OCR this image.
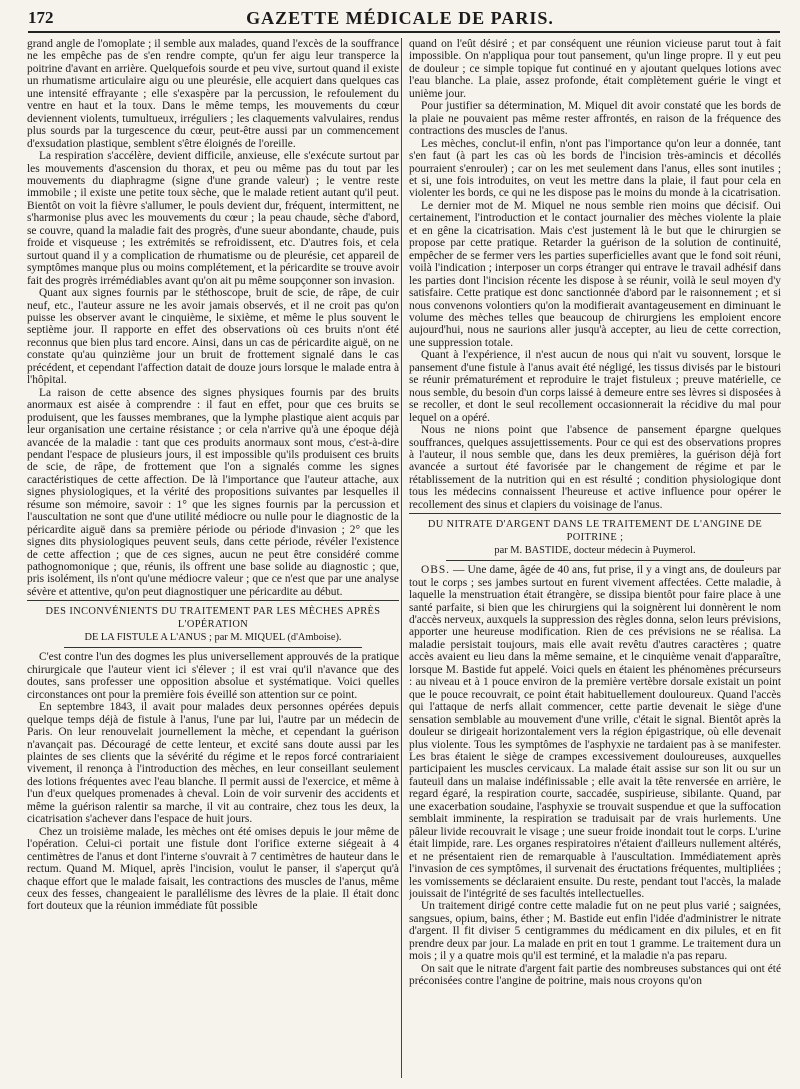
172	GAZETTE MÉDICALE DE PARIS.

grand angle de l'omoplate ; il semble aux malades, quand l'excès de la souffrance ne les empêche pas de s'en rendre compte, qu'un fer aigu leur transperce la poitrine d'avant en arrière. Quelquefois sourde et peu vive, surtout quand il existe un rhumatisme articulaire aigu ou une pleurésie, elle acquiert dans quelques cas une intensité effrayante ; elle s'exaspère par la percussion, le refoulement du ventre en haut et la toux. Dans le même temps, les mouvements du cœur deviennent violents, tumultueux, irréguliers ; les claquements valvulaires, rendus plus sourds par la turgescence du cœur, peut-être aussi par un commencement d'exsudation plastique, semblent s'être éloignés de l'oreille.

La respiration s'accélère, devient difficile, anxieuse, elle s'exécute surtout par les mouvements d'ascension du thorax, et peu ou même pas du tout par les mouvements du diaphragme (signe d'une grande valeur) ; le ventre reste immobile ; il existe une petite toux sèche, que le malade retient autant qu'il peut. Bientôt on voit la fièvre s'allumer, le pouls devient dur, fréquent, intermittent, ne s'harmonise plus avec les mouvements du cœur ; la peau chaude, sèche d'abord, se couvre, quand la maladie fait des progrès, d'une sueur abondante, chaude, puis froide et visqueuse ; les extrémités se refroidissent, etc. D'autres fois, et cela surtout quand il y a complication de rhumatisme ou de pleurésie, cet appareil de symptômes manque plus ou moins complétement, et la péricardite se trouve avoir fait des progrès irrémédiables avant qu'on ait pu même soupçonner son invasion.

Quant aux signes fournis par le stéthoscope, bruit de scie, de râpe, de cuir neuf, etc., l'auteur assure ne les avoir jamais observés, et il ne croit pas qu'on puisse les observer avant le cinquième, le sixième, et même le plus souvent le septième jour. Il rapporte en effet des observations où ces bruits n'ont été reconnus que bien plus tard encore. Ainsi, dans un cas de péricardite aiguë, on ne constate qu'au quinzième jour un bruit de frottement signalé dans le cas précédent, et cependant l'affection datait de douze jours lorsque le malade entra à l'hôpital.

La raison de cette absence des signes physiques fournis par des bruits anormaux est aisée à comprendre : il faut en effet, pour que ces bruits se produisent, que les fausses membranes, que la lymphe plastique aient acquis par leur organisation une certaine résistance ; or cela n'arrive qu'à une époque déjà avancée de la maladie : tant que ces produits anormaux sont mous, c'est-à-dire pendant l'espace de plusieurs jours, il est impossible qu'ils produisent ces bruits de scie, de râpe, de frottement que l'on a signalés comme les signes caractéristiques de cette affection. De là l'importance que l'auteur attache, aux signes physiologiques, et la vérité des propositions suivantes par lesquelles il résume son mémoire, savoir : 1° que les signes fournis par la percussion et l'auscultation ne sont que d'une utilité médiocre ou nulle pour le diagnostic de la péricardite aiguë dans sa première période ou période d'invasion ; 2° que les signes dits physiologiques peuvent seuls, dans cette période, révéler l'existence de cette affection ; que de ces signes, aucun ne peut être considéré comme pathognomonique ; que, réunis, ils offrent une base solide au diagnostic ; que, pris isolément, ils n'ont qu'une médiocre valeur ; que ce n'est que par une analyse sévère et attentive, qu'on peut diagnostiquer une péricardite au début.

DES INCONVÉNIENTS DU TRAITEMENT PAR LES MÈCHES APRÈS L'OPÉRATION
DE LA FISTULE A L'ANUS ; par M. MIQUEL (d'Amboise).

C'est contre l'un des dogmes les plus universellement approuvés de la pratique chirurgicale que l'auteur vient ici s'élever ; il est vrai qu'il n'avance que des doutes, sans professer une opposition absolue et systématique. Voici quelles circonstances ont pour la première fois éveillé son attention sur ce point.

En septembre 1843, il avait pour malades deux personnes opérées depuis quelque temps déjà de fistule à l'anus, l'une par lui, l'autre par un médecin de Paris. On leur renouvelait journellement la mèche, et cependant la guérison n'avançait pas. Découragé de cette lenteur, et excité sans doute aussi par les plaintes de ses clients que la sévérité du régime et le repos forcé contrariaient vivement, il renonça à l'introduction des mèches, en leur conseillant seulement des lotions fréquentes avec l'eau blanche. Il permit aussi de l'exercice, et même à l'un d'eux quelques promenades à cheval. Loin de voir survenir des accidents et même la guérison ralentir sa marche, il vit au contraire, chez tous les deux, la cicatrisation s'achever dans l'espace de huit jours.

Chez un troisième malade, les mèches ont été omises depuis le jour même de l'opération. Celui-ci portait une fistule dont l'orifice externe siégeait à 4 centimètres de l'anus et dont l'interne s'ouvrait à 7 centimètres de hauteur dans le rectum. Quand M. Miquel, après l'incision, voulut le panser, il s'aperçut qu'à chaque effort que le malade faisait, les contractions des muscles de l'anus, même ceux des fesses, changeaient le parallélisme des lèvres de la plaie. Il était donc fort douteux que la réunion immédiate fût possible

quand on l'eût désiré ; et par conséquent une réunion vicieuse parut tout à fait impossible. On n'appliqua pour tout pansement, qu'un linge propre. Il y eut peu de douleur ; ce simple topique fut continué en y ajoutant quelques lotions avec l'eau blanche. La plaie, assez profonde, était complètement guérie le vingt et unième jour.

Pour justifier sa détermination, M. Miquel dit avoir constaté que les bords de la plaie ne pouvaient pas même rester affrontés, en raison de la fréquence des contractions des muscles de l'anus.

Les mèches, conclut-il enfin, n'ont pas l'importance qu'on leur a donnée, tant s'en faut (à part les cas où les bords de l'incision très-amincis et décollés pourraient s'enrouler) ; car on les met seulement dans l'anus, elles sont inutiles ; et si, une fois introduites, on veut les mettre dans la plaie, il faut pour cela en violenter les bords, ce qui ne les dispose pas le moins du monde à la cicatrisation.

Le dernier mot de M. Miquel ne nous semble rien moins que décisif. Oui certainement, l'introduction et le contact journalier des mèches violente la plaie et en gêne la cicatrisation. Mais c'est justement là le but que le chirurgien se propose par cette pratique. Retarder la guérison de la solution de continuité, empêcher de se fermer vers les parties superficielles avant que le fond soit réuni, voilà l'indication ; interposer un corps étranger qui entrave le travail adhésif dans les parties dont l'incision récente les dispose à se réunir, voilà le seul moyen d'y satisfaire. Cette pratique est donc sanctionnée d'abord par le raisonnement ; et si nous convenons volontiers qu'on la modifierait avantageusement en diminuant le volume des mèches telles que beaucoup de chirurgiens les emploient encore aujourd'hui, nous ne saurions aller jusqu'à accepter, au lieu de cette correction, une suppression totale.

Quant à l'expérience, il n'est aucun de nous qui n'ait vu souvent, lorsque le pansement d'une fistule à l'anus avait été négligé, les tissus divisés par le bistouri se réunir prématurément et reproduire le trajet fistuleux ; preuve matérielle, ce nous semble, du besoin d'un corps laissé à demeure entre ses lèvres si disposées à se recoller, et dont le seul recollement occasionnerait la récidive du mal pour lequel on a opéré.

Nous ne nions point que l'absence de pansement épargne quelques souffrances, quelques assujettissements. Pour ce qui est des observations propres à l'auteur, il nous semble que, dans les deux premières, la guérison déjà fort avancée a surtout été favorisée par le changement de régime et par le rétablissement de la nutrition qui en est résulté ; condition physiologique dont tous les médecins connaissent l'heureuse et active influence pour opérer le recollement des sinus et clapiers du voisinage de l'anus.

DU NITRATE D'ARGENT DANS LE TRAITEMENT DE L'ANGINE DE POITRINE ;
par M. BASTIDE, docteur médecin à Puymerol.

OBS. — Une dame, âgée de 40 ans, fut prise, il y a vingt ans, de douleurs par tout le corps ; ses jambes surtout en furent vivement affectées. Cette maladie, à laquelle la menstruation était étrangère, se dissipa bientôt pour faire place à une santé parfaite, si bien que les chirurgiens qui la soignèrent lui donnèrent le nom d'accès nerveux, auxquels la suppression des règles donna, selon leurs prévisions, apporter une heureuse modification. Rien de ces prévisions ne se réalisa. La maladie persistait toujours, mais elle avait revêtu d'autres caractères ; quatre accès avaient eu lieu dans la même semaine, et le cinquième venait d'apparaître, lorsque M. Bastide fut appelé. Voici quels en étaient les phénomènes précurseurs : au niveau et à 1 pouce environ de la première vertèbre dorsale existait un point que le pouce recouvrait, ce point était habituellement douloureux. Quand l'accès qui l'attaque de nerfs allait commencer, cette partie devenait le siège d'une sensation semblable au mouvement d'une vrille, c'était le signal. Bientôt après la douleur se dirigeait horizontalement vers la région épigastrique, où elle devenait plus violente. Tous les symptômes de l'asphyxie ne tardaient pas à se manifester. Les bras étaient le siège de crampes excessivement douloureuses, auxquelles participaient les muscles cervicaux. La malade était assise sur son lit ou sur un fauteuil dans un malaise indéfinissable ; elle avait la tête renversée en arrière, le regard égaré, la respiration courte, saccadée, suspirieuse, sibilante. Quand, par une exacerbation soudaine, l'asphyxie se trouvait suspendue et que la suffocation semblait imminente, la respiration se traduisait par de vrais hurlements. Une pâleur livide recouvrait le visage ; une sueur froide inondait tout le corps. L'urine était limpide, rare. Les organes respiratoires n'étaient d'ailleurs nullement altérés, et ne présentaient rien de remarquable à l'auscultation. Immédiatement après l'invasion de ces symptômes, il survenait des éructations fréquentes, multipliées ; les vomissements se déclaraient ensuite. Du reste, pendant tout l'accès, la malade jouissait de l'intégrité de ses facultés intellectuelles.

Un traitement dirigé contre cette maladie fut on ne peut plus varié ; saignées, sangsues, opium, bains, éther ; M. Bastide eut enfin l'idée d'administrer le nitrate d'argent. Il fit diviser 5 centigrammes du médicament en dix pilules, et en fit prendre deux par jour. La malade en prit en tout 1 gramme. Le traitement dura un mois ; il y a quatre mois qu'il est terminé, et la maladie n'a pas reparu.

On sait que le nitrate d'argent fait partie des nombreuses substances qui ont été préconisées contre l'angine de poitrine, mais nous croyons qu'on
